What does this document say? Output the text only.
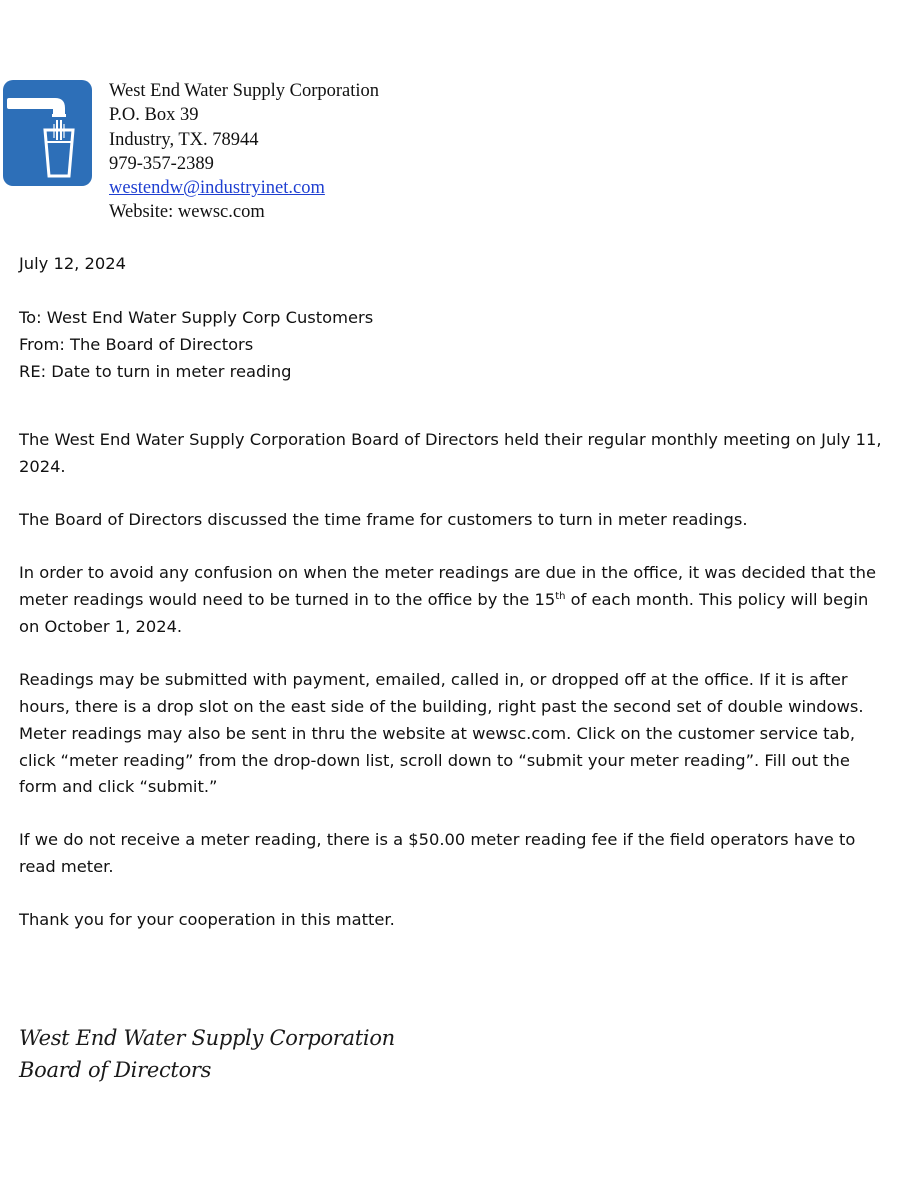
West End Water Supply Corporation
P.O. Box 39
Industry, TX. 78944
979-357-2389
westendw@industryinet.com
Website: wewsc.com
July 12, 2024
To: West End Water Supply Corp Customers
From: The Board of Directors
RE: Date to turn in meter reading

The West End Water Supply Corporation Board of Directors held their regular monthly meeting on July 11, 2024.

The Board of Directors discussed the time frame for customers to turn in meter readings.

In order to avoid any confusion on when the meter readings are due in the office, it was decided that the meter readings would need to be turned in to the office by the 15th of each month. This policy will begin on October 1, 2024.

Readings may be submitted with payment, emailed, called in, or dropped off at the office. If it is after hours, there is a drop slot on the east side of the building, right past the second set of double windows. Meter readings may also be sent in thru the website at wewsc.com. Click on the customer service tab, click “meter reading” from the drop-down list, scroll down to “submit your meter reading”. Fill out the form and click “submit.”

If we do not receive a meter reading, there is a $50.00 meter reading fee if the field operators have to read meter.

Thank you for your cooperation in this matter.

West End Water Supply Corporation
Board of Directors
